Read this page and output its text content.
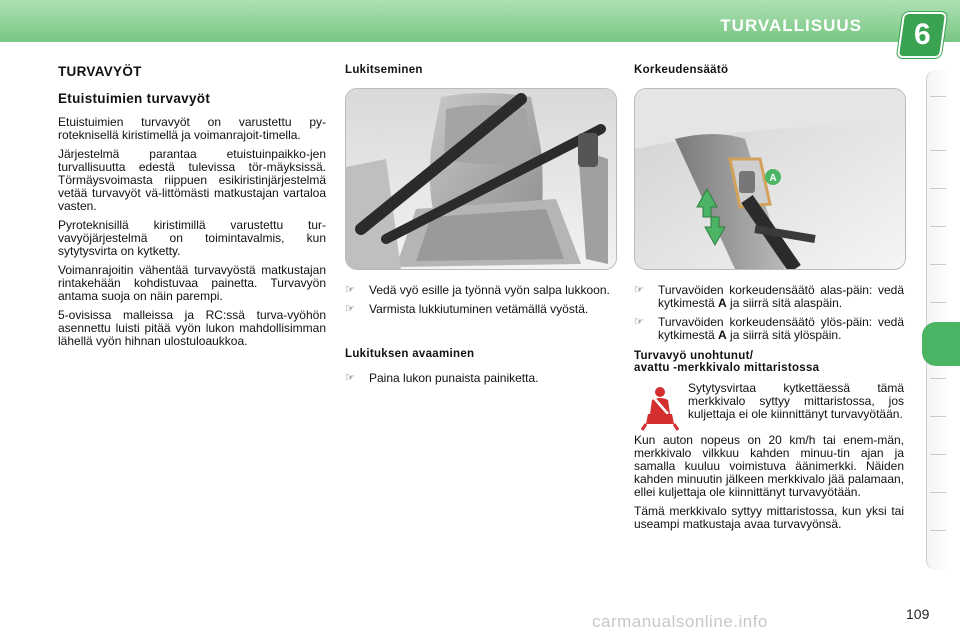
TURVALLISUUS 6
TURVAVYÖT
Etuistuimien turvavyöt

Etuistuimien turvavyöt on varustettu py-roteknisellä kiristimellä ja voimanrajoit-timella.

Järjestelmä parantaa etuistuinpaikko-jen turvallisuutta edestä tulevissa tör-mäyksissä. Törmäysvoimasta riippuen esikiristinjärjestelmä vetää turvavyöt vä-littömästi matkustajan vartaloa vasten.

Pyroteknisillä kiristimillä varustettu tur-vavyöjärjestelmä on toimintavalmis, kun sytytysvirta on kytketty.

Voimanrajoitin vähentää turvavyöstä matkustajan rintakehään kohdistuvaa painetta. Turvavyön antama suoja on näin parempi.

5-ovisissa malleissa ja RC:ssä turva-vyöhön asennettu luisti pitää vyön lukon mahdollisimman lähellä vyön hihnan ulostuloaukkoa.

Lukitseminen
☞	Vedä vyö esille ja työnnä vyön salpa lukkoon.
☞	Varmista lukkiutuminen vetämällä vyöstä.
Lukituksen avaaminen
☞	Paina lukon punaista painiketta.
Korkeudensäätö
A
☞	Turvavöiden korkeudensäätö alas-päin: vedä kytkimestä A ja siirrä sitä alaspäin.
☞	Turvavöiden korkeudensäätö ylös-päin: vedä kytkimestä A ja siirrä sitä ylöspäin.
Turvavyö unohtunut/
avattu -merkkivalo mittaristossa

Sytytysvirtaa kytkettäessä tämä merkkivalo syttyy mittaristossa, jos kuljettaja ei ole kiinnittänyt turvavyötään.

Kun auton nopeus on 20 km/h tai enem-män, merkkivalo vilkkuu kahden minuu-tin ajan ja samalla kuuluu voimistuva äänimerkki. Näiden kahden minuutin jälkeen merkkivalo jää palamaan, ellei kuljettaja ole kiinnittänyt turvavyötään.

Tämä merkkivalo syttyy mittaristossa, kun yksi tai useampi matkustaja avaa turvavyönsä.

carmanualsonline.info	109
